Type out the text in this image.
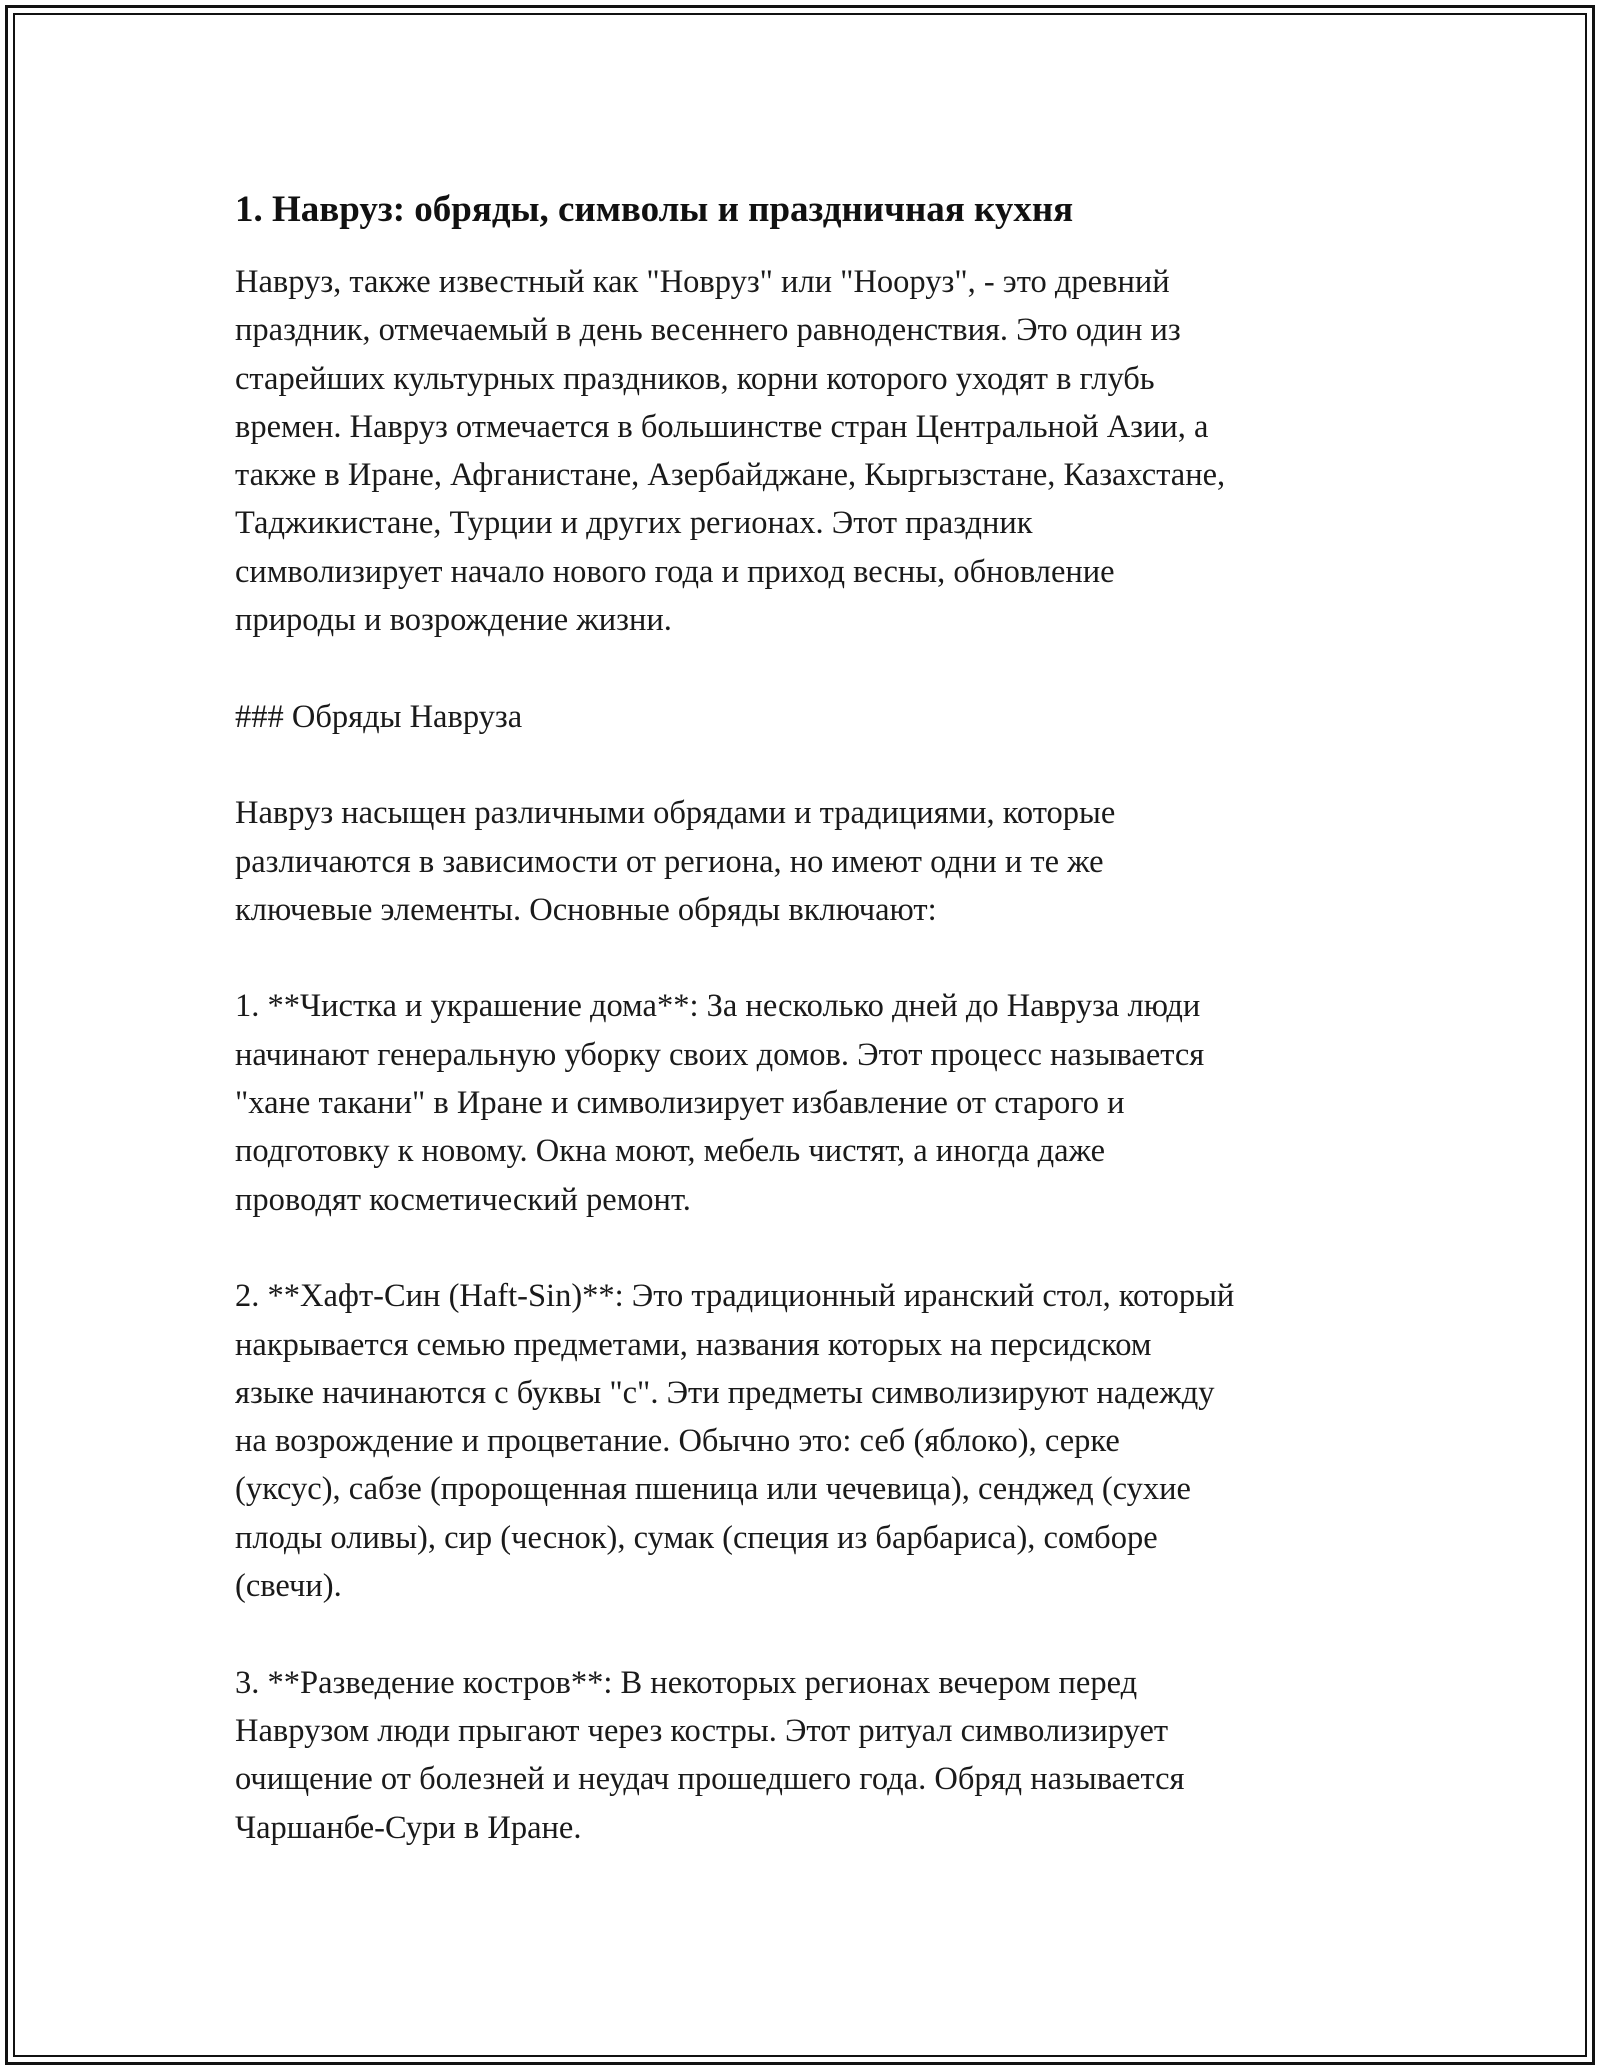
1. Навруз: обряды, символы и праздничная кухня

Навруз, также известный как "Новруз" или "Нооруз", - это древний
праздник, отмечаемый в день весеннего равноденствия. Это один из
старейших культурных праздников, корни которого уходят в глубь
времен. Навруз отмечается в большинстве стран Центральной Азии, а
также в Иране, Афганистане, Азербайджане, Кыргызстане, Казахстане,
Таджикистане, Турции и других регионах. Этот праздник
символизирует начало нового года и приход весны, обновление
природы и возрождение жизни.

### Обряды Навруза

Навруз насыщен различными обрядами и традициями, которые
различаются в зависимости от региона, но имеют одни и те же
ключевые элементы. Основные обряды включают:

1. **Чистка и украшение дома**: За несколько дней до Навруза люди
начинают генеральную уборку своих домов. Этот процесс называется
"хане такани" в Иране и символизирует избавление от старого и
подготовку к новому. Окна моют, мебель чистят, а иногда даже
проводят косметический ремонт.

2. **Хафт-Син (Haft-Sin)**: Это традиционный иранский стол, который
накрывается семью предметами, названия которых на персидском
языке начинаются с буквы "с". Эти предметы символизируют надежду
на возрождение и процветание. Обычно это: себ (яблоко), серке
(уксус), сабзе (пророщенная пшеница или чечевица), сенджед (сухие
плоды оливы), сир (чеснок), сумак (специя из барбариса), сомборе
(свечи).

3. **Разведение костров**: В некоторых регионах вечером перед
Наврузом люди прыгают через костры. Этот ритуал символизирует
очищение от болезней и неудач прошедшего года. Обряд называется
Чаршанбе-Сури в Иране.
